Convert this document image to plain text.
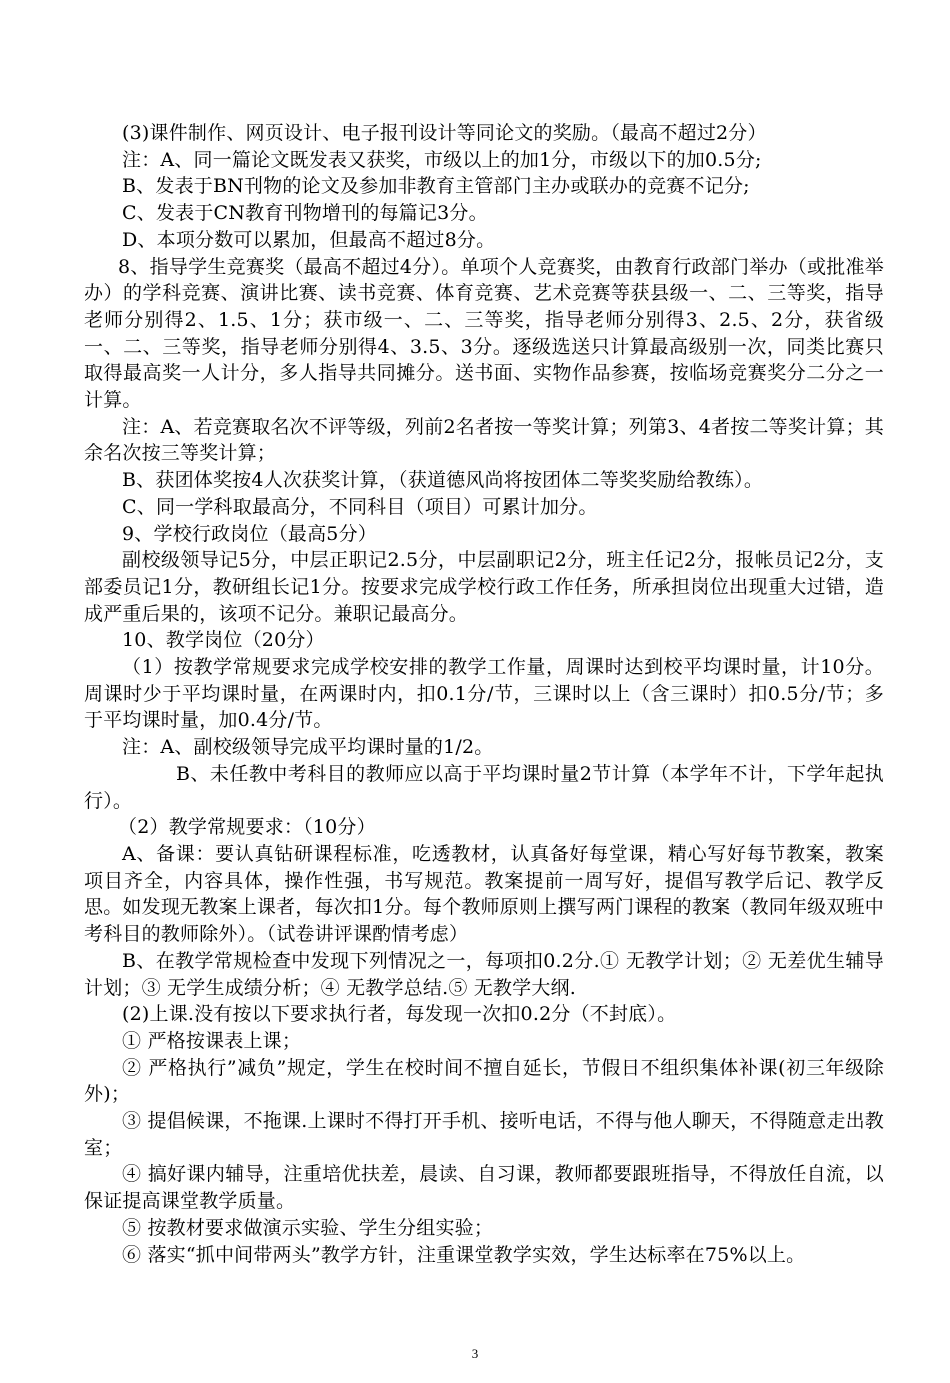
(3)课件制作、网页设计、电子报刊设计等同论文的奖励。（最高不超过2分）

注：A、同一篇论文既发表又获奖，市级以上的加1分，市级以下的加0.5分;

B、发表于BN刊物的论文及参加非教育主管部门主办或联办的竞赛不记分;

C、发表于CN教育刊物增刊的每篇记3分。

D、本项分数可以累加，但最高不超过8分。

8、指导学生竞赛奖（最高不超过4分）。单项个人竞赛奖，由教育行政部门举办（或批准举办）的学科竞赛、演讲比赛、读书竞赛、体育竞赛、艺术竞赛等获县级一、二、三等奖，指导老师分别得2、1.5、1分；获市级一、二、三等奖，指导老师分别得3、2.5、2分，获省级一、二、三等奖，指导老师分别得4、3.5、3分。逐级选送只计算最高级别一次，同类比赛只取得最高奖一人计分，多人指导共同摊分。送书面、实物作品参赛，按临场竞赛奖分二分之一计算。

注：A、若竞赛取名次不评等级，列前2名者按一等奖计算；列第3、4者按二等奖计算；其余名次按三等奖计算；

B、获团体奖按4人次获奖计算，（获道德风尚将按团体二等奖奖励给教练）。

C、同一学科取最高分，不同科目（项目）可累计加分。

9、学校行政岗位（最高5分）

副校级领导记5分，中层正职记2.5分，中层副职记2分，班主任记2分，报帐员记2分，支部委员记1分，教研组长记1分。按要求完成学校行政工作任务，所承担岗位出现重大过错，造成严重后果的，该项不记分。兼职记最高分。

10、教学岗位（20分）

（1）按教学常规要求完成学校安排的教学工作量，周课时达到校平均课时量，计10分。周课时少于平均课时量，在两课时内，扣0.1分/节，三课时以上（含三课时）扣0.5分/节；多于平均课时量，加0.4分/节。

注：A、副校级领导完成平均课时量的1/2。

B、未任教中考科目的教师应以高于平均课时量2节计算（本学年不计，下学年起执行）。

（2）教学常规要求：（10分）

A、备课：要认真钻研课程标准，吃透教材，认真备好每堂课，精心写好每节教案，教案项目齐全，内容具体，操作性强，书写规范。教案提前一周写好，提倡写教学后记、教学反思。如发现无教案上课者，每次扣1分。每个教师原则上撰写两门课程的教案（教同年级双班中考科目的教师除外）。（试卷讲评课酌情考虑）

B、在教学常规检查中发现下列情况之一，每项扣0.2分.① 无教学计划；② 无差优生辅导计划；③ 无学生成绩分析；④ 无教学总结.⑤ 无教学大纲.

(2)上课.没有按以下要求执行者，每发现一次扣0.2分（不封底）。

① 严格按课表上课；

② 严格执行”减负”规定，学生在校时间不擅自延长，节假日不组织集体补课(初三年级除外)；

③ 提倡候课，不拖课.上课时不得打开手机、接听电话，不得与他人聊天，不得随意走出教室；

④ 搞好课内辅导，注重培优扶差，晨读、自习课，教师都要跟班指导，不得放任自流，以保证提高课堂教学质量。

⑤ 按教材要求做演示实验、学生分组实验；

⑥ 落实“抓中间带两头”教学方针，注重课堂教学实效，学生达标率在75%以上。

3
